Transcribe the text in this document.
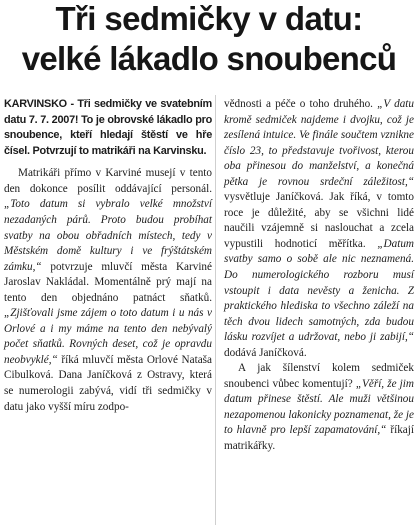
Tři sedmičky v datu:
velké lákadlo snoubenců

KARVINSKO - Tři sedmičky ve svatebním datu 7. 7. 2007! To je obrovské lákadlo pro snoubence, kteří hledají štěstí ve hře čísel. Potvrzují to matrikáři na Karvinsku.

Matrikáři přímo v Karviné musejí v tento den dokonce posílit oddávající personál. „Toto datum si vybralo velké množství nezadaných párů. Proto budou probíhat svatby na obou obřadních místech, tedy v Městském domě kultury i ve frýštátském zámku,“ potvrzuje mluvčí města Karviné Jaroslav Nakládal. Momentálně prý mají na tento den objednáno patnáct sňatků. „Zjišťovali jsme zájem o toto datum i u nás v Orlové a i my máme na tento den nebývalý počet sňatků. Rovných deset, což je opravdu neobvyklé,“ říká mluvčí města Orlové Nataša Cibulková. Dana Janíčková z Ostravy, která se numerologii zabývá, vidí tři sedmičky v datu jako vyšší míru zodpo-

vědnosti a péče o toho druhého. „V datu kromě sedmiček najdeme i dvojku, což je zesílená intuice. Ve finále součtem vznikne číslo 23, to představuje tvořivost, kterou oba přinesou do manželství, a konečná pětka je rovnou srdeční záležitost,“ vysvětluje Janíčková. Jak říká, v tomto roce je důležité, aby se všichni lidé naučili vzájemně si naslouchat a zcela vypustili hodnoticí měřítka. „Datum svatby samo o sobě ale nic neznamená. Do numerologického rozboru musí vstoupit i data nevěsty a ženicha. Z praktického hlediska to všechno záleží na těch dvou lidech samotných, zda budou lásku rozvíjet a udržovat, nebo ji zabijí,“ dodává Janíčková.

A jak šílenství kolem sedmiček snoubenci vůbec komentují? „Věří, že jim datum přinese štěstí. Ale muži většinou nezapomenou lakonicky poznamenat, že je to hlavně pro lepší zapamatování,“ říkají matrikářky.
